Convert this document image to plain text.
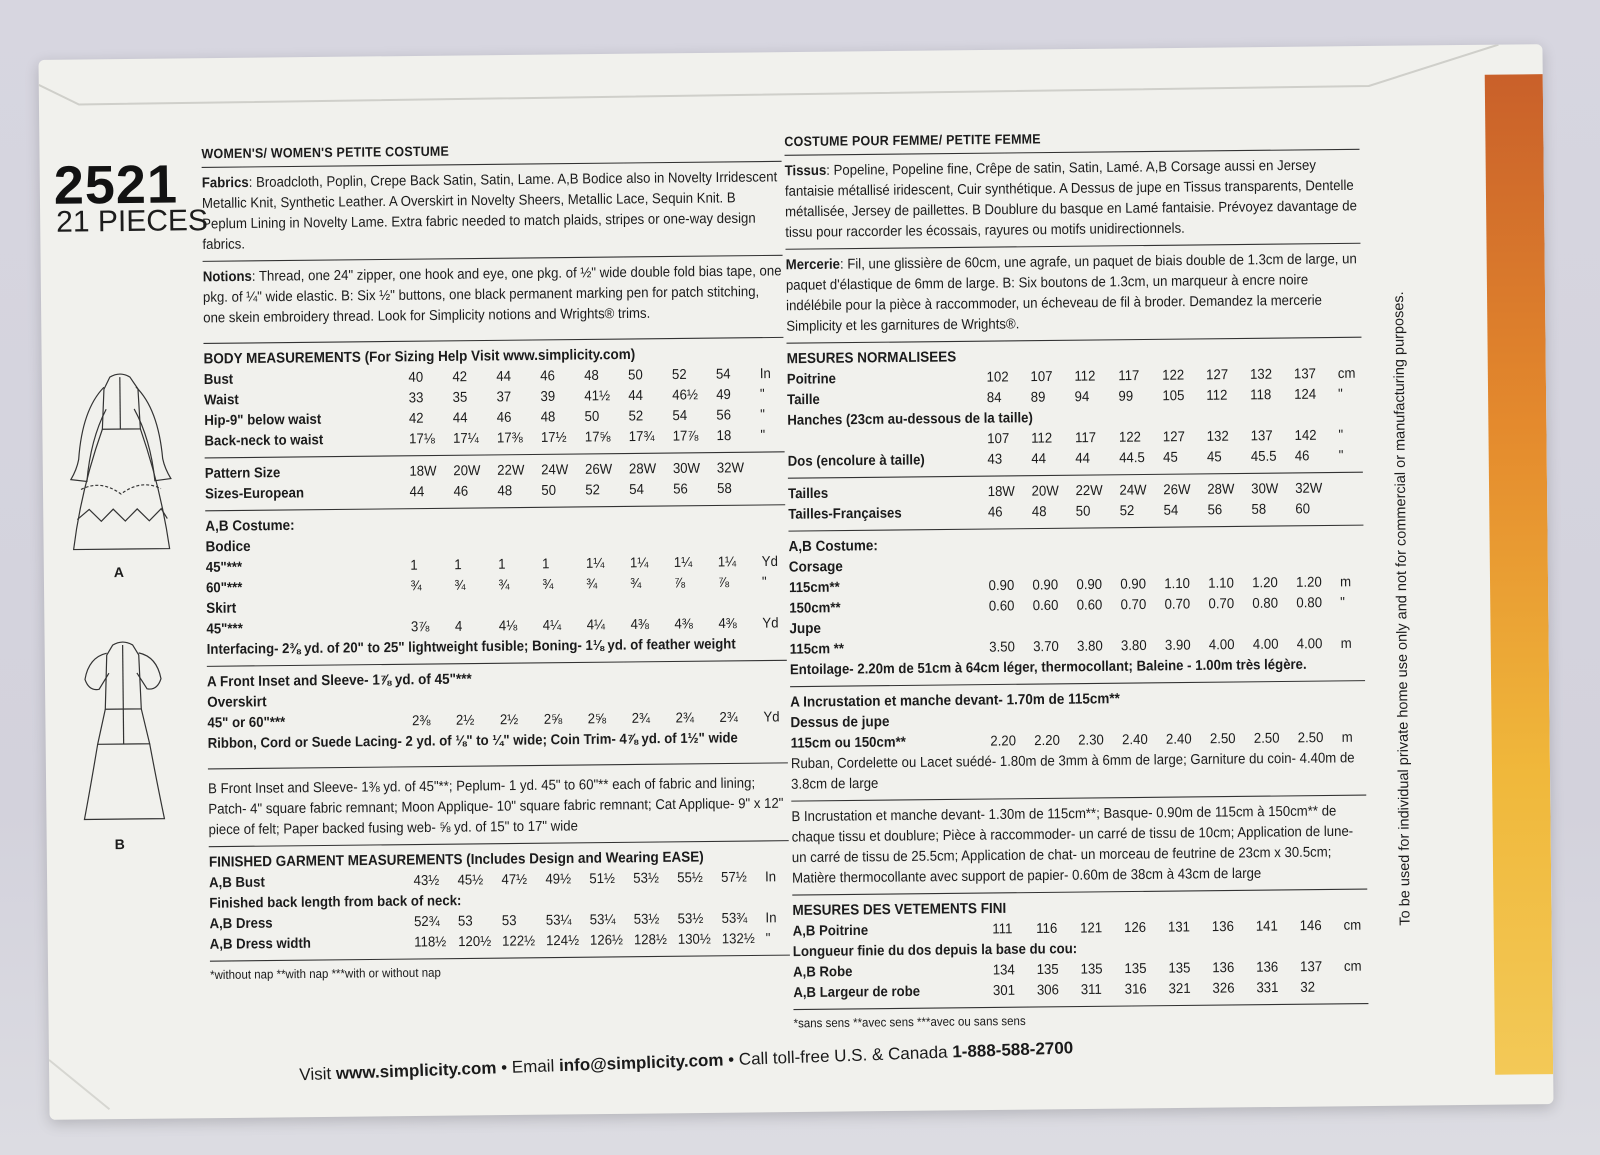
2521
21 PIECES
A
B
WOMEN'S/ WOMEN'S PETITE COSTUME
Fabrics: Broadcloth, Poplin, Crepe Back Satin, Satin, Lame. A,B Bodice also in Novelty Irridescent Metallic Knit, Synthetic Leather. A Overskirt in Novelty Sheers, Metallic Lace, Sequin Knit. B Peplum Lining in Novelty Lame. Extra fabric needed to match plaids, stripes or one-way design fabrics.
Notions: Thread, one 24" zipper, one hook and eye, one pkg. of ½" wide double fold bias tape, one pkg. of ¼" wide elastic. B: Six ½" buttons, one black permanent marking pen for patch stitching, one skein embroidery thread. Look for Simplicity notions and Wrights® trims.
BODY MEASUREMENTS (For Sizing Help Visit www.simplicity.com)
Bust	40	42	44	46	48	50	52	54	In
Waist	33	35	37	39	41½	44	46½	49	"
Hip-9" below waist	42	44	46	48	50	52	54	56	"
Back-neck to waist	17⅛	17¼	17⅜	17½	17⅝	17¾	17⅞	18	"
Pattern Size	18W	20W	22W	24W	26W	28W	30W	32W	
Sizes-European	44	46	48	50	52	54	56	58	
A,B Costume:
Bodice
45"***	1	1	1	1	1¼	1¼	1¼	1¼	Yd
60"***	¾	¾	¾	¾	¾	¾	⅞	⅞	"
Skirt
45"***	3⅞	4	4⅛	4¼	4¼	4⅜	4⅜	4⅜	Yd
Interfacing- 2⅜ yd. of 20" to 25" lightweight fusible; Boning- 1⅛ yd. of feather weight
A Front Inset and Sleeve- 1⅞ yd. of 45"***
Overskirt
45" or 60"***	2⅜	2½	2½	2⅝	2⅝	2¾	2¾	2¾	Yd
Ribbon, Cord or Suede Lacing- 2 yd. of ⅛" to ¼" wide; Coin Trim- 4⅞ yd. of 1½" wide
B Front Inset and Sleeve- 1⅜ yd. of 45"**; Peplum- 1 yd. 45" to 60"** each of fabric and lining; Patch- 4" square fabric remnant; Moon Applique- 10" square fabric remnant; Cat Applique- 9" x 12" piece of felt; Paper backed fusing web- ⅝ yd. of 15" to 17" wide
FINISHED GARMENT MEASUREMENTS (Includes Design and Wearing EASE)
A,B Bust	43½	45½	47½	49½	51½	53½	55½	57½	In
Finished back length from back of neck:									
A,B Dress	52¾	53	53	53¼	53¼	53½	53½	53¾	In
A,B Dress width	118½	120½	122½	124½	126½	128½	130½	132½	"
*without nap **with nap ***with or without nap
COSTUME POUR FEMME/ PETITE FEMME
Tissus: Popeline, Popeline fine, Crêpe de satin, Satin, Lamé. A,B Corsage aussi en Jersey fantaisie métallisé iridescent, Cuir synthétique. A Dessus de jupe en Tissus transparents, Dentelle métallisée, Jersey de paillettes. B Doublure du basque en Lamé fantaisie. Prévoyez davantage de tissu pour raccorder les écossais, rayures ou motifs unidirectionnels.
Mercerie: Fil, une glissière de 60cm, une agrafe, un paquet de biais double de 1.3cm de large, un paquet d'élastique de 6mm de large. B: Six boutons de 1.3cm, un marqueur à encre noire indélébile pour la pièce à raccommoder, un écheveau de fil à broder. Demandez la mercerie Simplicity et les garnitures de Wrights®.
MESURES NORMALISEES
Poitrine	102	107	112	117	122	127	132	137	cm
Taille	84	89	94	99	105	112	118	124	"
Hanches (23cm au-dessous de la taille)									
	107	112	117	122	127	132	137	142	"
Dos (encolure à taille)	43	44	44	44.5	45	45	45.5	46	"
Tailles	18W	20W	22W	24W	26W	28W	30W	32W	
Tailles-Françaises	46	48	50	52	54	56	58	60	
A,B Costume:
Corsage
115cm**	0.90	0.90	0.90	0.90	1.10	1.10	1.20	1.20	m
150cm**	0.60	0.60	0.60	0.70	0.70	0.70	0.80	0.80	"
Jupe
115cm **	3.50	3.70	3.80	3.80	3.90	4.00	4.00	4.00	m
Entoilage- 2.20m de 51cm à 64cm léger, thermocollant; Baleine - 1.00m très légère.
A Incrustation et manche devant- 1.70m de 115cm**
Dessus de jupe
115cm ou 150cm**	2.20	2.20	2.30	2.40	2.40	2.50	2.50	2.50	m
Ruban, Cordelette ou Lacet suédé- 1.80m de 3mm à 6mm de large; Garniture du coin- 4.40m de 3.8cm de large
B Incrustation et manche devant- 1.30m de 115cm**; Basque- 0.90m de 115cm à 150cm** de chaque tissu et doublure; Pièce à raccommoder- un carré de tissu de 10cm; Application de lune- un carré de tissu de 25.5cm; Application de chat- un morceau de feutrine de 23cm x 30.5cm; Matière thermocollante avec support de papier- 0.60m de 38cm à 43cm de large
MESURES DES VETEMENTS FINI
A,B Poitrine	111	116	121	126	131	136	141	146	cm
Longueur finie du dos depuis la base du cou:									
A,B Robe	134	135	135	135	135	136	136	137	cm
A,B Largeur de robe	301	306	311	316	321	326	331	32	
*sans sens **avec sens ***avec ou sans sens
To be used for individual private home use only and not for commercial or manufacturing purposes.
Visit www.simplicity.com • Email info@simplicity.com • Call toll-free U.S. & Canada 1-888-588-2700
